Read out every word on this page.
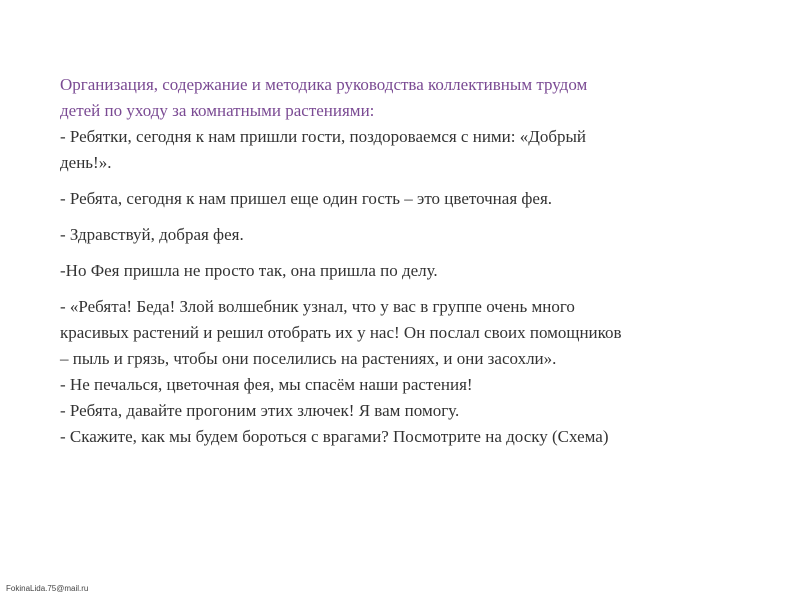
Организация, содержание и методика руководства коллективным трудом

детей по уходу за комнатными растениями:

- Ребятки, сегодня к нам пришли гости, поздороваемся с ними: «Добрый

день!».

- Ребята, сегодня к нам пришел еще один гость – это цветочная фея.

- Здравствуй, добрая фея.

-Но Фея пришла не просто так, она пришла по делу.

- «Ребята! Беда! Злой волшебник узнал, что у вас в группе очень много

красивых растений и решил отобрать их у нас! Он послал своих помощников

– пыль и грязь, чтобы они поселились на растениях, и они засохли».

- Не печалься, цветочная фея, мы спасём наши растения!

- Ребята, давайте прогоним этих злючек! Я вам помогу.

- Скажите, как мы будем бороться с врагами? Посмотрите на доску (Схема)

FokinaLida.75@mail.ru
